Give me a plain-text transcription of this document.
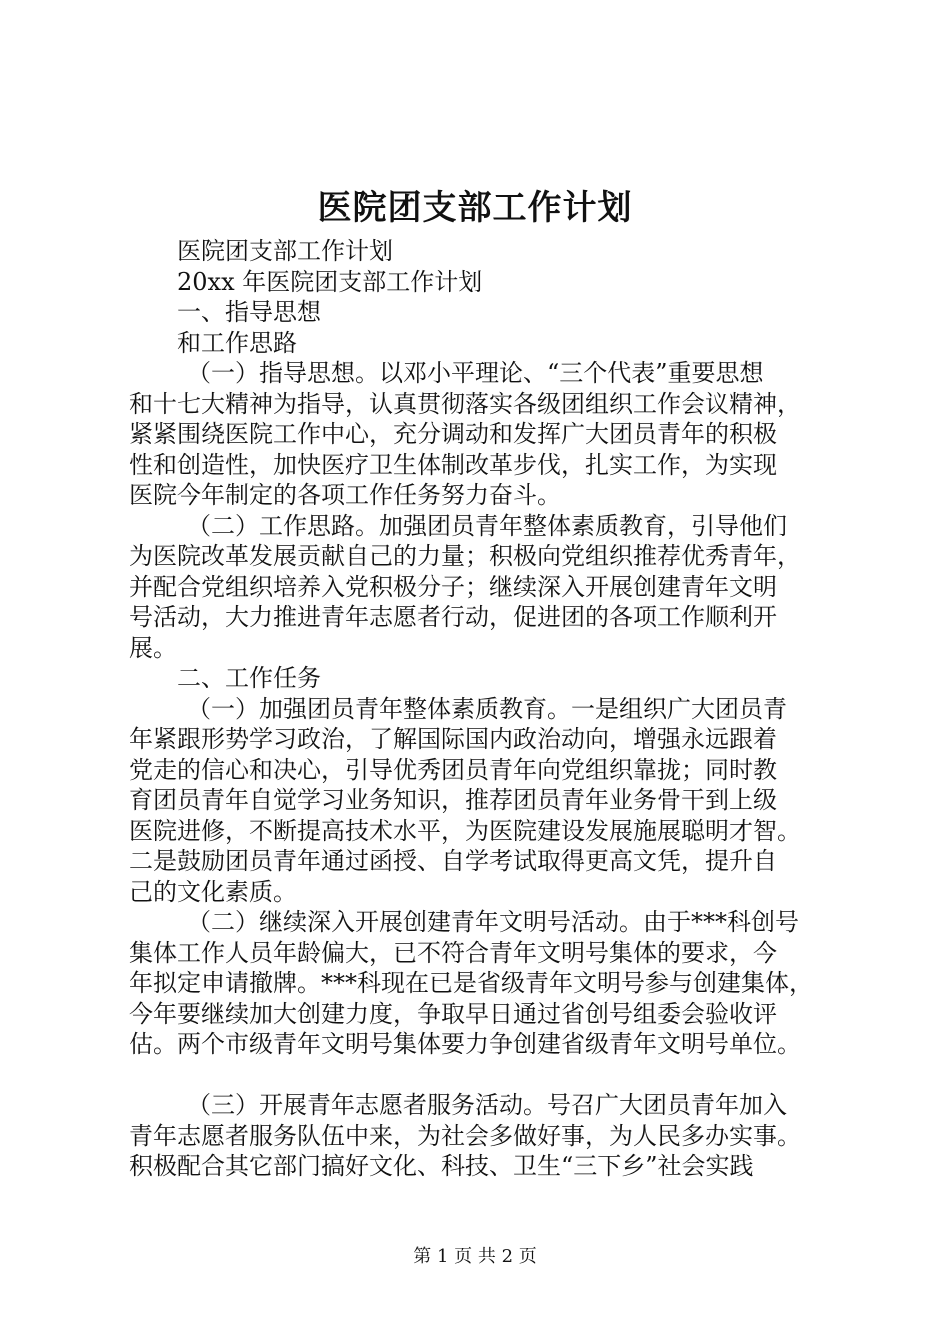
医院团支部工作计划
医院团支部工作计划
20xx 年医院团支部工作计划
一、指导思想
和工作思路
（一）指导思想。以邓小平理论、“三个代表”重要思想
和十七大精神为指导，认真贯彻落实各级团组织工作会议精神，
紧紧围绕医院工作中心，充分调动和发挥广大团员青年的积极
性和创造性，加快医疗卫生体制改革步伐，扎实工作，为实现
医院今年制定的各项工作任务努力奋斗。
（二）工作思路。加强团员青年整体素质教育，引导他们
为医院改革发展贡献自己的力量；积极向党组织推荐优秀青年，
并配合党组织培养入党积极分子；继续深入开展创建青年文明
号活动，大力推进青年志愿者行动，促进团的各项工作顺利开
展。
二、工作任务
（一）加强团员青年整体素质教育。一是组织广大团员青
年紧跟形势学习政治，了解国际国内政治动向，增强永远跟着
党走的信心和决心，引导优秀团员青年向党组织靠拢；同时教
育团员青年自觉学习业务知识，推荐团员青年业务骨干到上级
医院进修，不断提高技术水平，为医院建设发展施展聪明才智。
二是鼓励团员青年通过函授、自学考试取得更高文凭，提升自
己的文化素质。
（二）继续深入开展创建青年文明号活动。由于***科创号
集体工作人员年龄偏大，已不符合青年文明号集体的要求，今
年拟定申请撤牌。***科现在已是省级青年文明号参与创建集体，
今年要继续加大创建力度，争取早日通过省创号组委会验收评
估。两个市级青年文明号集体要力争创建省级青年文明号单位。
（三）开展青年志愿者服务活动。号召广大团员青年加入
青年志愿者服务队伍中来，为社会多做好事，为人民多办实事。
积极配合其它部门搞好文化、科技、卫生“三下乡”社会实践
第 1 页 共 2 页
